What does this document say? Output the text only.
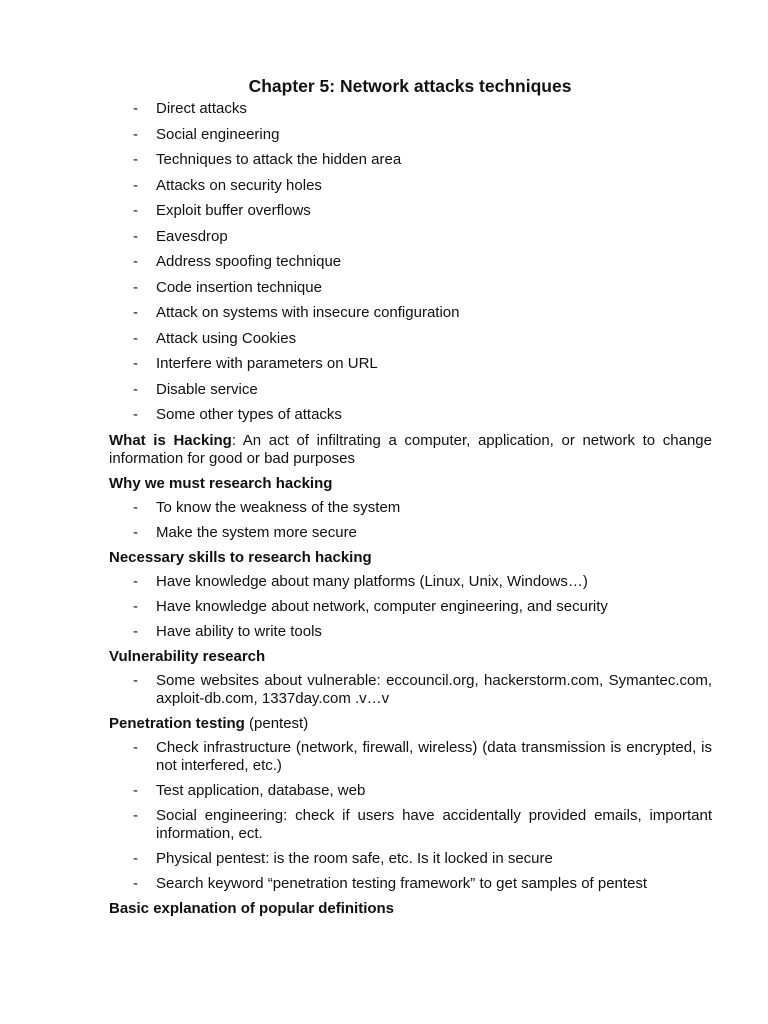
Chapter 5: Network attacks techniques
- Direct attacks
- Social engineering
- Techniques to attack the hidden area
- Attacks on security holes
- Exploit buffer overflows
- Eavesdrop
- Address spoofing technique
- Code insertion technique
- Attack on systems with insecure configuration
- Attack using Cookies
- Interfere with parameters on URL
- Disable service
- Some other types of attacks

What is Hacking: An act of infiltrating a computer, application, or network to change information for good or bad purposes

Why we must research hacking
- To know the weakness of the system
- Make the system more secure
Necessary skills to research hacking
- Have knowledge about many platforms (Linux, Unix, Windows…)
- Have knowledge about network, computer engineering, and security
- Have ability to write tools
Vulnerability research
- Some websites about vulnerable: eccouncil.org, hackerstorm.com, Symantec.com, axploit-db.com, 1337day.com .v…v
Penetration testing (pentest)
- Check infrastructure (network, firewall, wireless) (data transmission is encrypted, is not interfered, etc.)
- Test application, database, web
- Social engineering: check if users have accidentally provided emails, important information, ect.
- Physical pentest: is the room safe, etc. Is it locked in secure
- Search keyword “penetration testing framework” to get samples of pentest
Basic explanation of popular definitions
